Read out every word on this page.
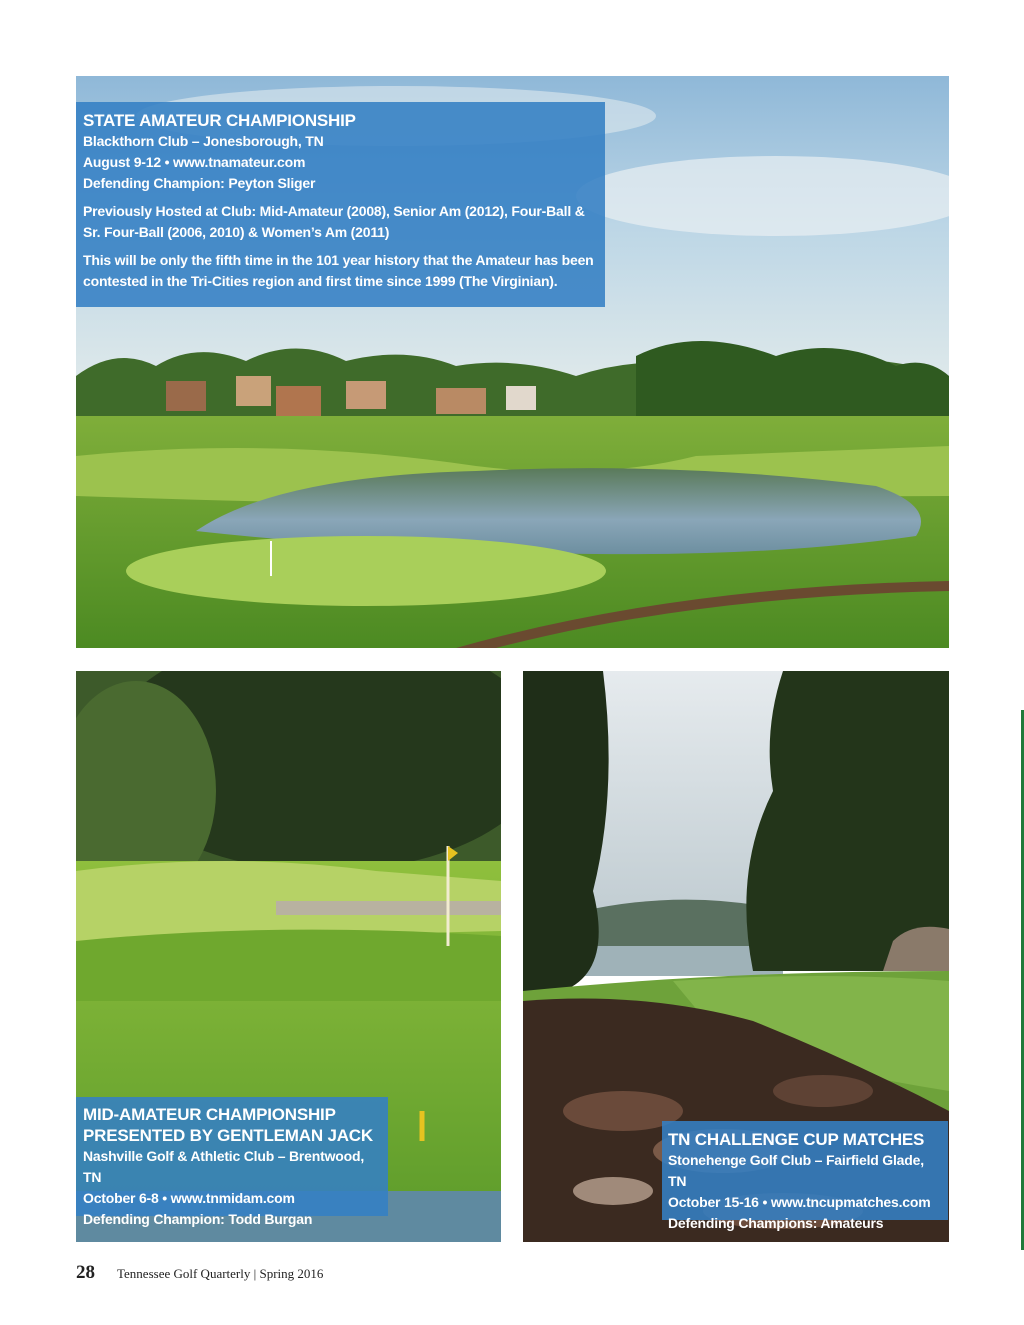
STATE AMATEUR CHAMPIONSHIP
Blackthorn Club – Jonesborough, TN
August 9-12 • www.tnamateur.com
Defending Champion: Peyton Sliger
Previously Hosted at Club: Mid-Amateur (2008), Senior Am (2012), Four-Ball & Sr. Four-Ball (2006, 2010) & Women’s Am (2011)
This will be only the fifth time in the 101 year history that the Amateur has been contested in the Tri-Cities region and first time since 1999 (The Virginian).
MID-AMATEUR CHAMPIONSHIP
PRESENTED BY GENTLEMAN JACK
Nashville Golf & Athletic Club – Brentwood, TN
October 6-8 • www.tnmidam.com
Defending Champion: Todd Burgan
TN CHALLENGE CUP MATCHES
Stonehenge Golf Club – Fairfield Glade, TN
October 15-16 • www.tncupmatches.com
Defending Champions: Amateurs
28 Tennessee Golf Quarterly | Spring 2016
